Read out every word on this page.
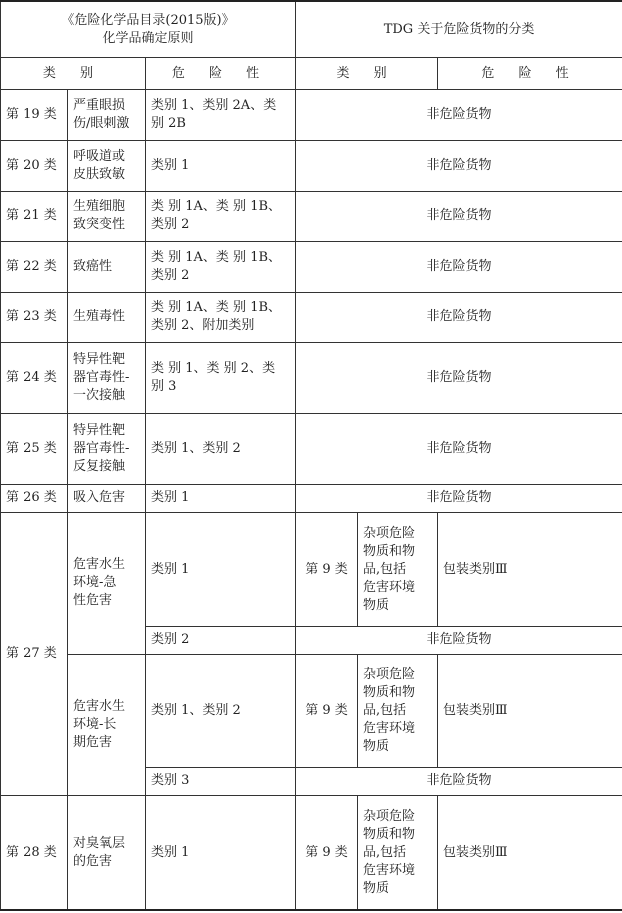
《危险化学品目录(2015版)》
化学品确定原则			TDG 关于危险货物的分类		
类 别		危 险 性	类 别		危 险 性
第 19 类	严重眼损
伤/眼刺激	类别 1、类别 2A、类
别 2B	非危险货物		
第 20 类	呼吸道或
皮肤致敏	类别 1	非危险货物		
第 21 类	生殖细胞
致突变性	类 别 1A、类 别 1B、
类别 2	非危险货物		
第 22 类	致癌性	类 别 1A、类 别 1B、
类别 2	非危险货物		
第 23 类	生殖毒性	类 别 1A、类 别 1B、
类别 2、附加类别	非危险货物		
第 24 类	特异性靶
器官毒性-
一次接触	类 别 1、类 别 2、类
别 3	非危险货物		
第 25 类	特异性靶
器官毒性-
反复接触	类别 1、类别 2	非危险货物		
第 26 类	吸入危害	类别 1	非危险货物		
第 27 类	危害水生
环境-急
性危害	类别 1	第 9 类	杂项危险
物质和物
品,包括
危害环境
物质	包装类别Ⅲ
		类别 2	非危险货物		
	危害水生
环境-长
期危害	类别 1、类别 2	第 9 类	杂项危险
物质和物
品,包括
危害环境
物质	包装类别Ⅲ
		类别 3	非危险货物		
第 28 类	对臭氧层
的危害	类别 1	第 9 类	杂项危险
物质和物
品,包括
危害环境
物质	包装类别Ⅲ
